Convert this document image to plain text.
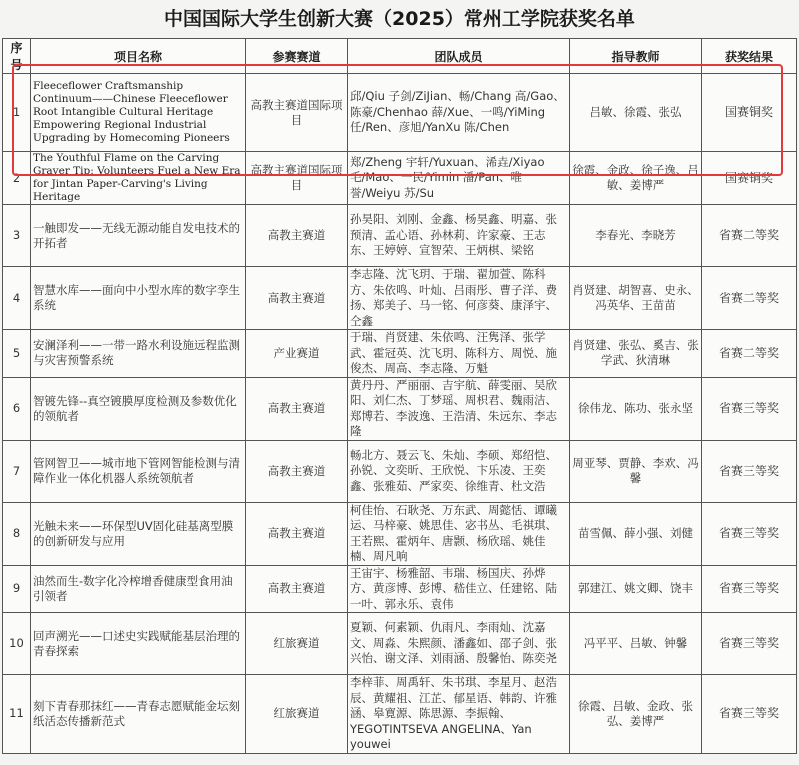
中国国际大学生创新大赛（2025）常州工学院获奖名单
序号	项目名称	参赛赛道	团队成员	指导教师	获奖结果
1	Fleeceflower Craftsmanship Continuum——Chinese Fleeceflower Root Intangible Cultural Heritage Empowering Regional Industrial Upgrading by Homecoming Pioneers	高教主赛道国际项目	邱/Qiu 子剑/ZiJian、畅/Chang 高/Gao、陈豪/Chenhao 薛/Xue、一鸣/YiMing 任/Ren、彦旭/YanXu 陈/Chen	吕敏、徐霞、张弘	国赛铜奖
2	The Youthful Flame on the Carving Graver Tip: Volunteers Fuel a New Era for Jintan Paper-Carving's Living Heritage	高教主赛道国际项目	郑/Zheng 宇轩/Yuxuan、浠垚/Xiyao 毛/Mao、一民/Yimin 潘/Pan、唯誉/Weiyu 苏/Su	徐霞、金政、徐子逸、吕敏、姜博严	国赛铜奖
3	一触即发——无线无源动能自发电技术的开拓者	高教主赛道	孙昊阳、刘刚、金鑫、杨昊鑫、明嘉、张预清、孟心语、孙林莉、许家豪、王志东、王婷婷、宣智荣、王炳棋、梁铭	李春光、李晓芳	省赛二等奖
4	智慧水库——面向中小型水库的数字孪生系统	高教主赛道	李志隆、沈飞玥、于瑞、翟加萱、陈科方、朱依鸣、叶灿、吕雨彤、曹子洋、费扬、郑美子、马一铭、何彦葵、康泽宇、仝鑫	肖贤建、胡智喜、史永、冯英华、王苗苗	省赛二等奖
5	安澜泽利——一带一路水利设施远程监测与灾害预警系统	产业赛道	于瑞、肖贤建、朱依鸣、汪隽泽、张学武、霍冠英、沈飞玥、陈科方、周悦、施俊杰、周高、李志隆、万魁	肖贤建、张弘、奚吉、张学武、狄清琳	省赛二等奖
6	智镀先锋--真空镀膜厚度检测及参数优化的领航者	高教主赛道	黄丹丹、严丽丽、吉宇航、薛雯丽、吴欣阳、刘仁杰、丁梦瑶、周枳君、魏雨洁、郑博若、李波逸、王浩清、朱远东、李志隆	徐伟龙、陈功、张永坚	省赛三等奖
7	管网智卫——城市地下管网智能检测与清障作业一体化机器人系统领航者	高教主赛道	畅北方、聂云飞、朱灿、李硕、郑绍恺、孙锐、文奕昕、王欣悦、卞乐凌、王奕鑫、张雅茹、严家奕、徐维青、杜文浩	周亚琴、贾静、李欢、冯馨	省赛三等奖
8	光触未来——环保型UV固化硅基离型膜的创新研发与应用	高教主赛道	柯佳怡、石耿尧、万东武、周懿恬、谭曦运、马梓豪、姚思佳、宓书丛、毛祺琪、王若熙、霍炳年、唐颢、杨欣瑶、姚佳楠、周凡响	苗雪佩、薛小强、刘健	省赛三等奖
9	油然而生-数字化冷榨增香健康型食用油引领者	高教主赛道	王宙宇、杨雅韶、韦瑞、杨国庆、孙烨方、黄彦博、彭博、嵇佳立、任建铭、陆一叶、郭永乐、袁伟	郭建江、姚文卿、饶丰	省赛三等奖
10	回声溯光——口述史实践赋能基层治理的青春探索	红旅赛道	夏颖、何素颖、仇雨凡、李雨灿、沈嘉文、周淼、朱熙颜、潘鑫如、邵子剑、张兴怡、谢文泽、刘雨涵、殷馨怡、陈奕尧	冯平平、吕敏、钟馨	省赛三等奖
11	刻下青春那抹红——青春志愿赋能金坛刻纸活态传播新范式	红旅赛道	李梓菲、周禹轩、朱书琪、李星月、赵浩辰、黄耀祖、江芷、郁星语、韩韵、许雅涵、皋寛源、陈思源、李振翰、YEGOTINTSEVA ANGELINA、Yan youwei	徐霞、吕敏、金政、张弘、姜博严	省赛三等奖
